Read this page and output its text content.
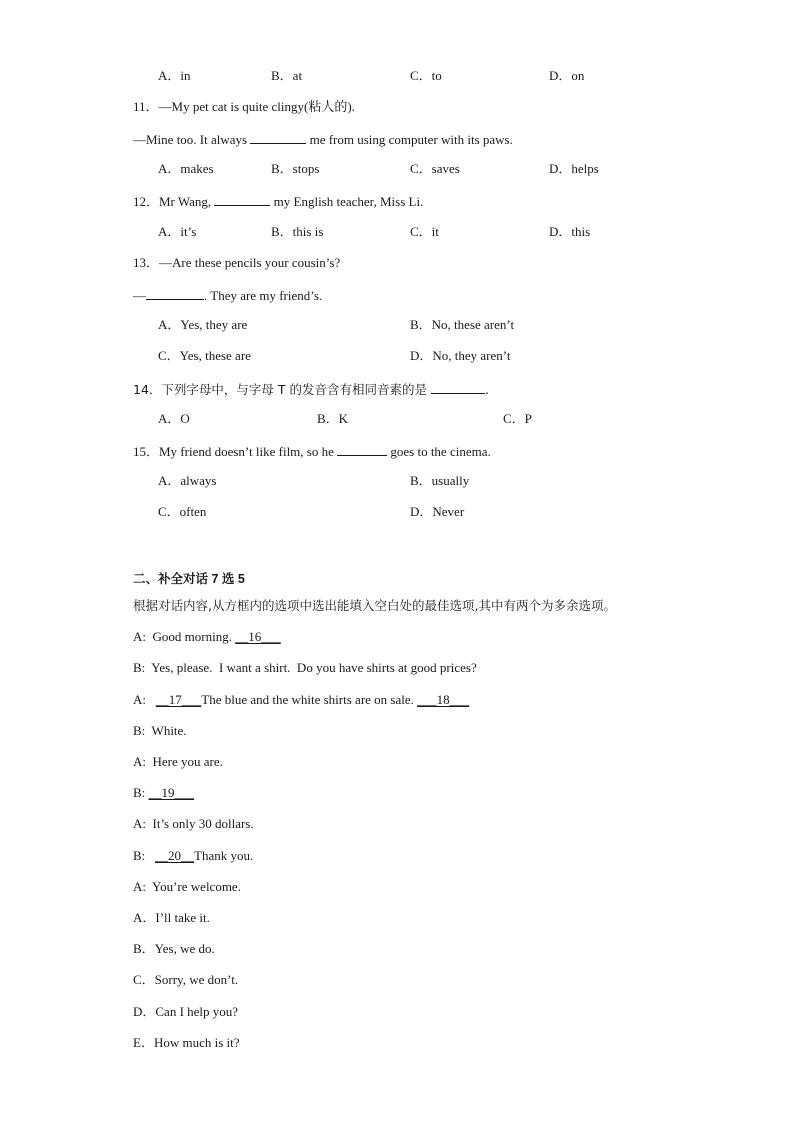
A．in	B．at	C．to	D．on
11．—My pet cat is quite clingy(粘人的).
—Mine too. It always	me from using computer with its paws.
A．makes	B．stops	C．saves	D．helps
12．Mr Wang,	my English teacher, Miss Li.
A．it’s	B．this is	C．it	D．this
13．—Are these pencils your cousin’s?
—	. They are my friend’s.
A．Yes, they are	B．No, these aren’t
C．Yes, these are	D．No, they aren’t
14．下列字母中，与字母 T 的发音含有相同音素的是	.
A．O	B．K	C．P
15．My friend doesn’t like film, so he	goes to the cinema.
A．always	B．usually
C．often	D．Never
二、补全对话 7 选 5
根据对话内容,从方框内的选项中选出能填入空白处的最佳选项,其中有两个为多余选项。
A:  Good morning. __16___
B:  Yes, please.  I want a shirt.  Do you have shirts at good prices?
A:   __17___The blue and the white shirts are on sale. ___18___
B:  White.
A:  Here you are.
B: __19___
A:  It’s only 30 dollars.
B:   __20__Thank you.
A:  You’re welcome.
A．I’ll take it.
B．Yes, we do.
C．Sorry, we don’t.
D．Can I help you?
E．How much is it?
